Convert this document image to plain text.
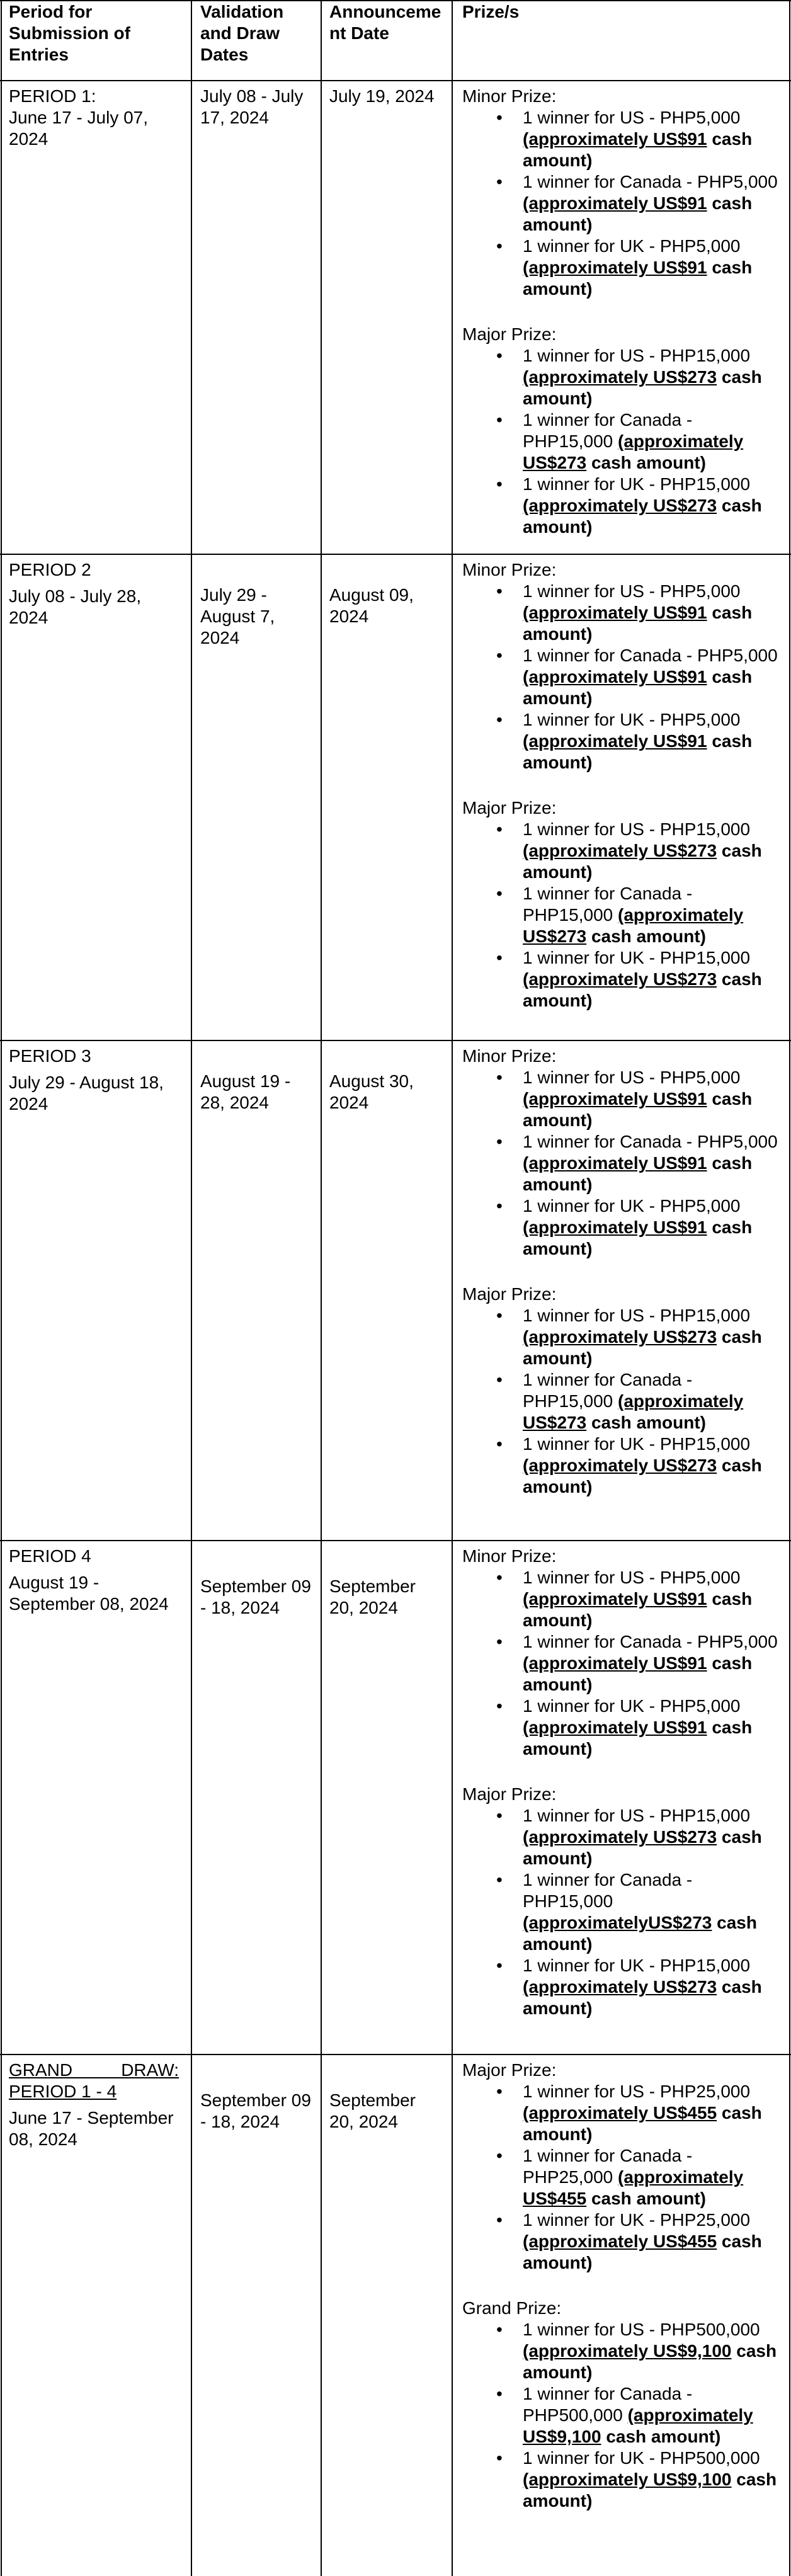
Period for Submission of Entries
Validation and Draw Dates
Announcement Date
Prize/s
PERIOD 1:
June 17 - July 07, 2024
July 08 - July 17, 2024
July 19, 2024	Minor Prize:
• 1 winner for US - PHP5,000 (approximately US$91 cash amount)
• 1 winner for Canada - PHP5,000 (approximately US$91 cash amount)
• 1 winner for UK - PHP5,000 (approximately US$91 cash amount)
Major Prize:
• 1 winner for US - PHP15,000 (approximately US$273 cash amount)
• 1 winner for Canada - PHP15,000 (approximately US$273 cash amount)
• 1 winner for UK - PHP15,000 (approximately US$273 cash amount)
PERIOD 2
July 08 - July 28, 2024
July 29 - August 7, 2024
August 09, 2024
Minor Prize:
• 1 winner for US - PHP5,000 (approximately US$91 cash amount)
• 1 winner for Canada - PHP5,000 (approximately US$91 cash amount)
• 1 winner for UK - PHP5,000 (approximately US$91 cash amount)
Major Prize:
• 1 winner for US - PHP15,000 (approximately US$273 cash amount)
• 1 winner for Canada - PHP15,000 (approximately US$273 cash amount)
• 1 winner for UK - PHP15,000 (approximately US$273 cash amount)
PERIOD 3
July 29 - August 18, 2024
August 19 - 28, 2024
August 30, 2024
Minor Prize:
• 1 winner for US - PHP5,000 (approximately US$91 cash amount)
• 1 winner for Canada - PHP5,000 (approximately US$91 cash amount)
• 1 winner for UK - PHP5,000 (approximately US$91 cash amount)
Major Prize:
• 1 winner for US - PHP15,000 (approximately US$273 cash amount)
• 1 winner for Canada - PHP15,000 (approximately US$273 cash amount)
• 1 winner for UK - PHP15,000 (approximately US$273 cash amount)
PERIOD 4
August 19 - September 08, 2024
September 09 - 18, 2024
September 20, 2024
Minor Prize:
• 1 winner for US - PHP5,000 (approximately US$91 cash amount)
• 1 winner for Canada - PHP5,000 (approximately US$91 cash amount)
• 1 winner for UK - PHP5,000 (approximately US$91 cash amount)
Major Prize:
• 1 winner for US - PHP15,000 (approximately US$273 cash amount)
• 1 winner for Canada - PHP15,000 (approximatelyUS$273 cash amount)
• 1 winner for UK - PHP15,000 (approximately US$273 cash amount)
GRAND DRAW: PERIOD 1 - 4
June 17 - September 08, 2024
September 09 - 18, 2024
September 20, 2024
Major Prize:
• 1 winner for US - PHP25,000 (approximately US$455 cash amount)
• 1 winner for Canada - PHP25,000 (approximately US$455 cash amount)
• 1 winner for UK - PHP25,000 (approximately US$455 cash amount)
Grand Prize:
• 1 winner for US - PHP500,000 (approximately US$9,100 cash amount)
• 1 winner for Canada - PHP500,000 (approximately US$9,100 cash amount)
• 1 winner for UK - PHP500,000 (approximately US$9,100 cash amount)
